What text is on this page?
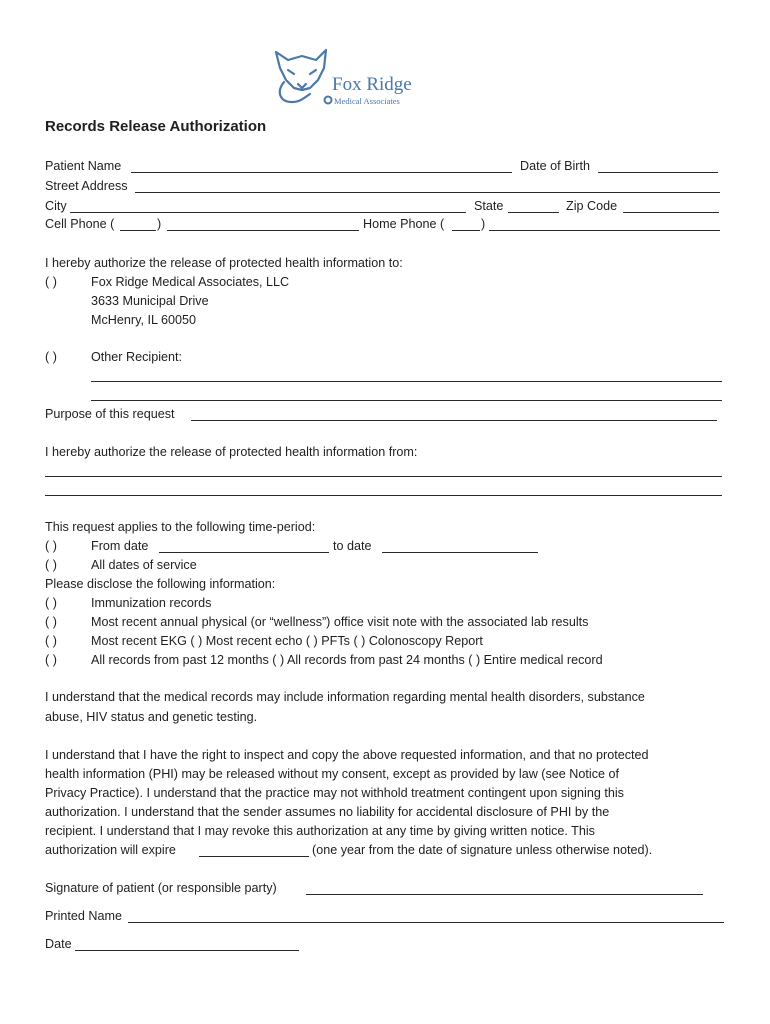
Fox Ridge
Medical Associates
Records Release Authorization
Patient Name	Date of Birth
Street Address
City	State	Zip Code
Cell Phone (	)	Home Phone (	)
I hereby authorize the release of protected health information to:
( )	Fox Ridge Medical Associates, LLC
3633 Municipal Drive
McHenry, IL 60050
( )	Other Recipient:
Purpose of this request
I hereby authorize the release of protected health information from:
This request applies to the following time-period:
( )	From date	to date
( )	All dates of service
Please disclose the following information:
( )	Immunization records
( )	Most recent annual physical (or “wellness”) office visit note with the associated lab results
( )	Most recent EKG ( ) Most recent echo ( ) PFTs ( ) Colonoscopy Report
( )	All records from past 12 months ( ) All records from past 24 months ( ) Entire medical record
I understand that the medical records may include information regarding mental health disorders, substance
abuse, HIV status and genetic testing.
I understand that I have the right to inspect and copy the above requested information, and that no protected
health information (PHI) may be released without my consent, except as provided by law (see Notice of
Privacy Practice). I understand that the practice may not withhold treatment contingent upon signing this
authorization. I understand that the sender assumes no liability for accidental disclosure of PHI by the
recipient. I understand that I may revoke this authorization at any time by giving written notice. This
authorization will expire	(one year from the date of signature unless otherwise noted).
Signature of patient (or responsible party)
Printed Name
Date
